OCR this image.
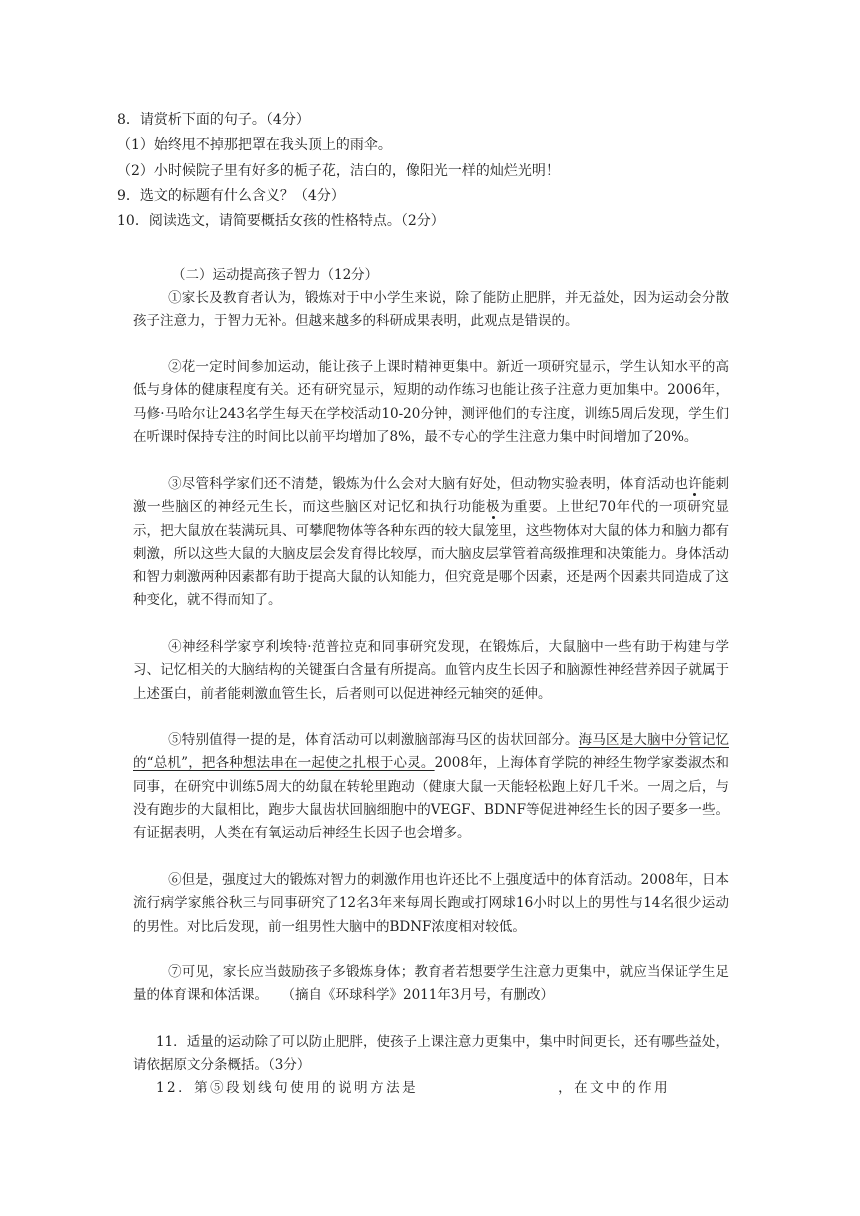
8．请赏析下面的句子。（4分）
（1）始终甩不掉那把罩在我头顶上的雨伞。
（2）小时候院子里有好多的栀子花，洁白的，像阳光一样的灿烂光明！
9．选文的标题有什么含义？（4分）
10．阅读选文，请简要概括女孩的性格特点。（2分）
（二）运动提高孩子智力（12分）
①家长及教育者认为，锻炼对于中小学生来说，除了能防止肥胖，并无益处，因为运动会分散孩子注意力，于智力无补。但越来越多的科研成果表明，此观点是错误的。
②花一定时间参加运动，能让孩子上课时精神更集中。新近一项研究显示，学生认知水平的高低与身体的健康程度有关。还有研究显示，短期的动作练习也能让孩子注意力更加集中。2006年，马修·马哈尔让243名学生每天在学校活动10-20分钟，测评他们的专注度，训练5周后发现，学生们在听课时保持专注的时间比以前平均增加了8%，最不专心的学生注意力集中时间增加了20%。
③尽管科学家们还不清楚，锻炼为什么会对大脑有好处，但动物实验表明，体育活动也许能刺激一些脑区的神经元生长，而这些脑区对记忆和执行功能极为重要。上世纪70年代的一项研究显示，把大鼠放在装满玩具、可攀爬物体等各种东西的较大鼠笼里，这些物体对大鼠的体力和脑力都有刺激，所以这些大鼠的大脑皮层会发育得比较厚，而大脑皮层掌管着高级推理和决策能力。身体活动和智力刺激两种因素都有助于提高大鼠的认知能力，但究竟是哪个因素，还是两个因素共同造成了这种变化，就不得而知了。
④神经科学家亨利埃特·范普拉克和同事研究发现，在锻炼后，大鼠脑中一些有助于构建与学习、记忆相关的大脑结构的关键蛋白含量有所提高。血管内皮生长因子和脑源性神经营养因子就属于上述蛋白，前者能刺激血管生长，后者则可以促进神经元轴突的延伸。
⑤特别值得一提的是，体育活动可以刺激脑部海马区的齿状回部分。海马区是大脑中分管记忆的“总机”，把各种想法串在一起使之扎根于心灵。2008年，上海体育学院的神经生物学家娄淑杰和同事，在研究中训练5周大的幼鼠在转轮里跑动（健康大鼠一天能轻松跑上好几千米。一周之后，与没有跑步的大鼠相比，跑步大鼠齿状回脑细胞中的VEGF、BDNF等促进神经生长的因子要多一些。有证据表明，人类在有氧运动后神经生长因子也会增多。
⑥但是，强度过大的锻炼对智力的刺激作用也许还比不上强度适中的体育活动。2008年，日本流行病学家熊谷秋三与同事研究了12名3年来每周长跑或打网球16小时以上的男性与14名很少运动的男性。对比后发现，前一组男性大脑中的BDNF浓度相对较低。
⑦可见，家长应当鼓励孩子多锻炼身体；教育者若想要学生注意力更集中，就应当保证学生足量的体育课和体活课。　　（摘自《环球科学》2011年3月号，有删改）
11．适量的运动除了可以防止肥胖，使孩子上课注意力更集中，集中时间更长，还有哪些益处，请依据原文分条概括。（3分）
12．第⑤段划线句使用的说明方法是	，在文中的作用
